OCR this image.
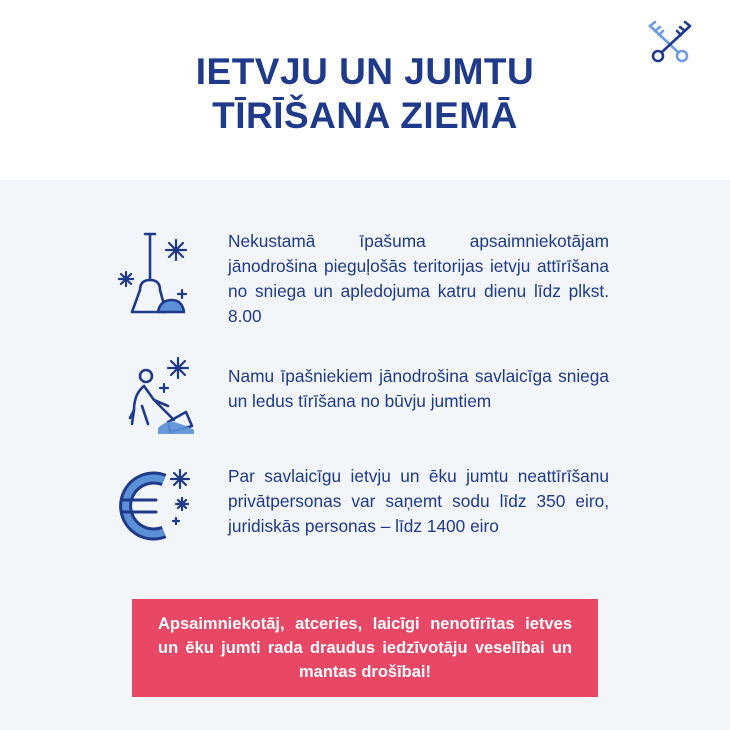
IETVJU UN JUMTU
TĪRĪŠANA ZIEMĀ
Nekustamā īpašuma apsaimniekotājam jānodrošina pieguļošās teritorijas ietvju attīrīšana no sniega un apledojuma katru dienu līdz plkst. 8.00
Namu īpašniekiem jānodrošina savlaicīga sniega un ledus tīrīšana no būvju jumtiem
Par savlaicīgu ietvju un ēku jumtu neattīrīšanu privātpersonas var saņemt sodu līdz 350 eiro, juridiskās personas – līdz 1400 eiro
Apsaimniekotāj, atceries, laicīgi nenotīrītas ietves un ēku jumti rada draudus iedzīvotāju veselībai un mantas drošībai!
